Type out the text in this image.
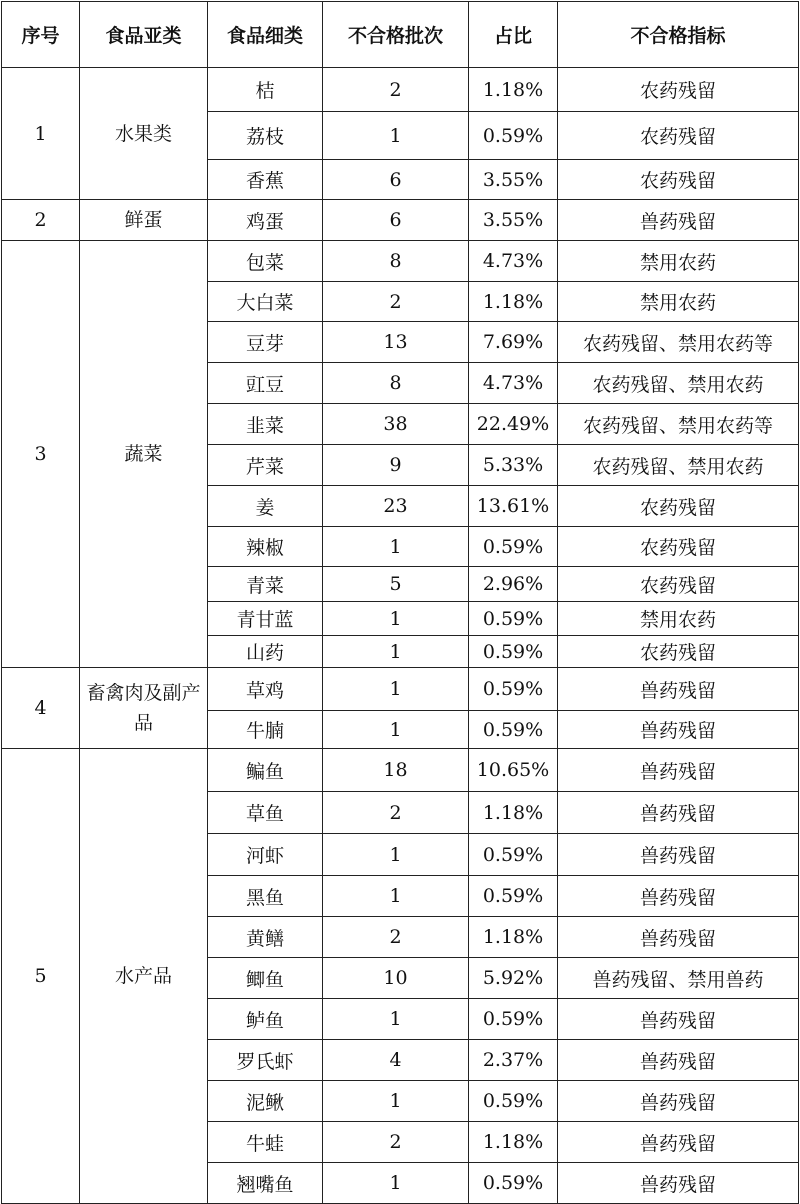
序号	食品亚类	食品细类	不合格批次	占比	不合格指标
1	水果类	桔	2	1.18%	农药残留
		荔枝	1	0.59%	农药残留
		香蕉	6	3.55%	农药残留
2	鲜蛋	鸡蛋	6	3.55%	兽药残留
3	蔬菜	包菜	8	4.73%	禁用农药
		大白菜	2	1.18%	禁用农药
		豆芽	13	7.69%	农药残留、禁用农药等
		豇豆	8	4.73%	农药残留、禁用农药
		韭菜	38	22.49%	农药残留、禁用农药等
		芹菜	9	5.33%	农药残留、禁用农药
		姜	23	13.61%	农药残留
		辣椒	1	0.59%	农药残留
		青菜	5	2.96%	农药残留
		青甘蓝	1	0.59%	禁用农药
		山药	1	0.59%	农药残留
4	畜禽肉及副产品	草鸡	1	0.59%	兽药残留
		牛腩	1	0.59%	兽药残留
5	水产品	鳊鱼	18	10.65%	兽药残留
		草鱼	2	1.18%	兽药残留
		河虾	1	0.59%	兽药残留
		黑鱼	1	0.59%	兽药残留
		黄鳝	2	1.18%	兽药残留
		鲫鱼	10	5.92%	兽药残留、禁用兽药
		鲈鱼	1	0.59%	兽药残留
		罗氏虾	4	2.37%	兽药残留
		泥鳅	1	0.59%	兽药残留
		牛蛙	2	1.18%	兽药残留
		翘嘴鱼	1	0.59%	兽药残留
